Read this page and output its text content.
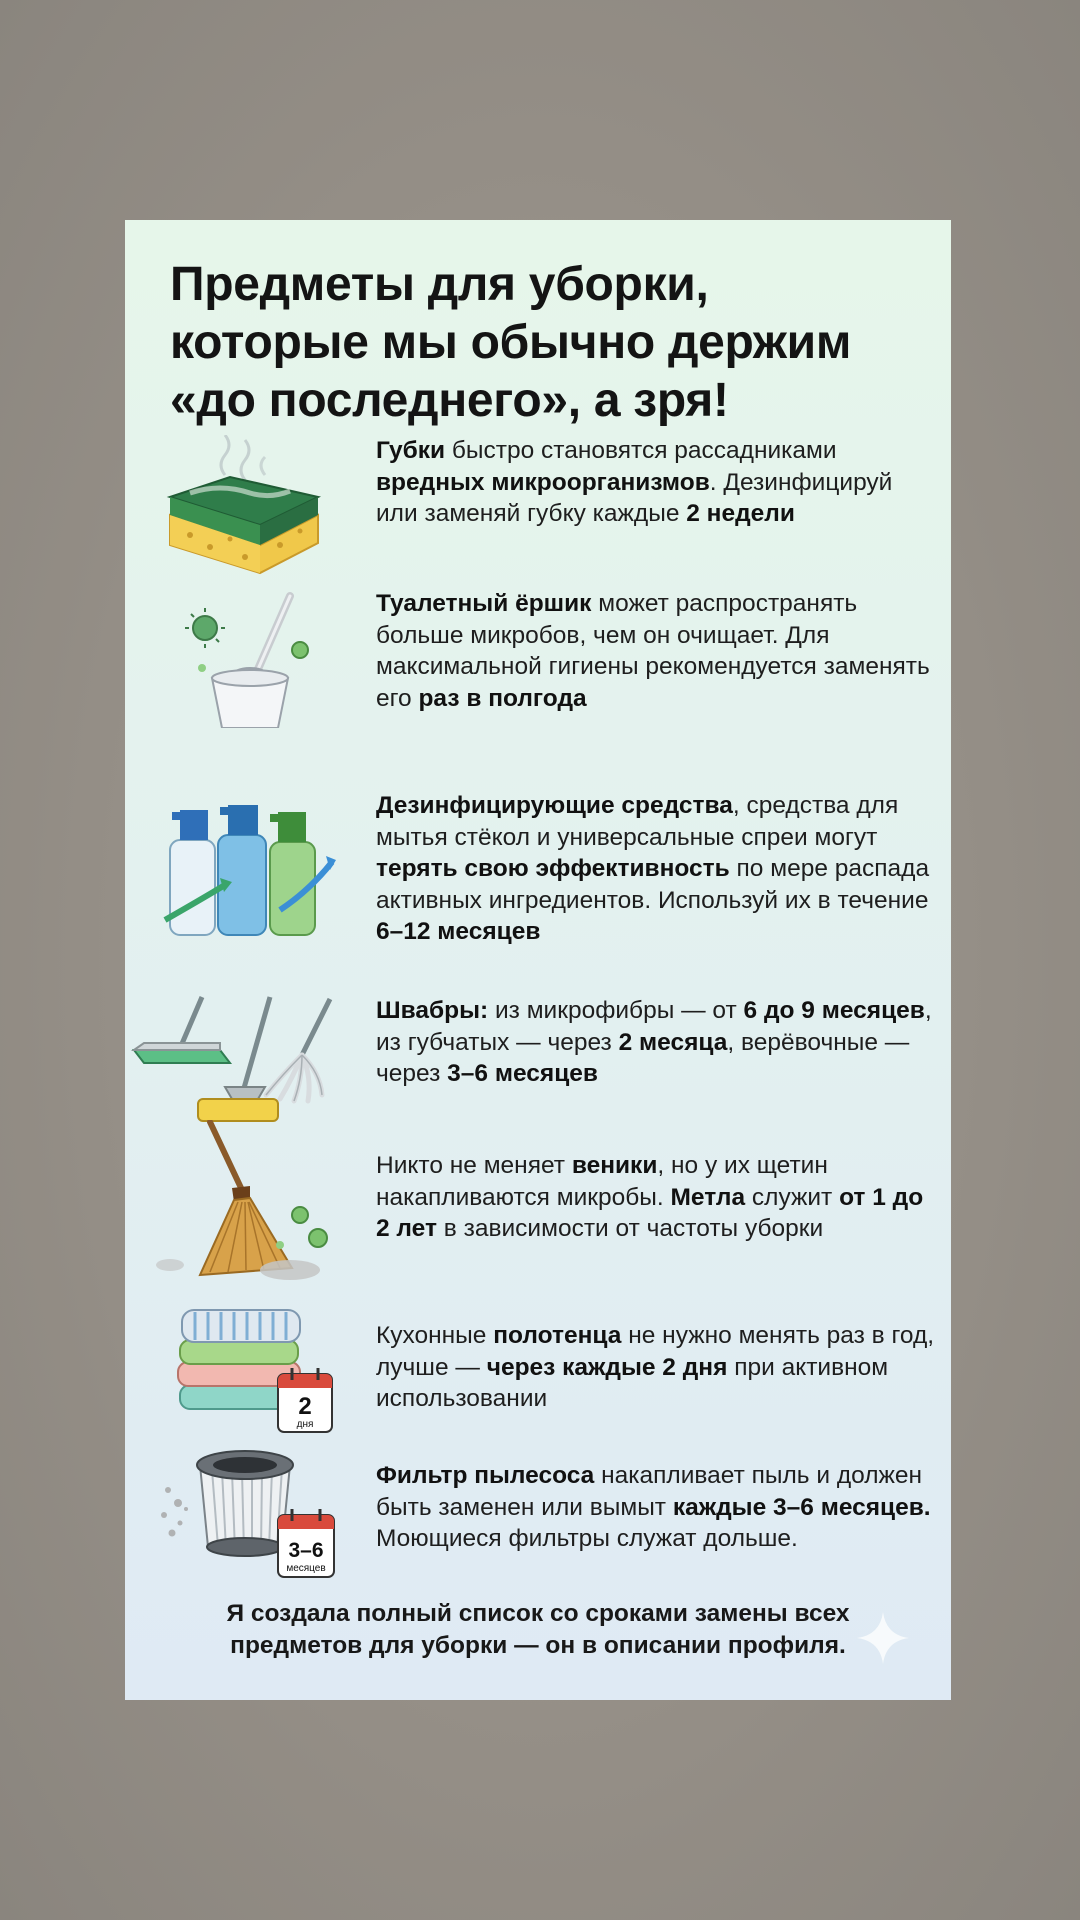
Предметы для уборки,
которые мы обычно держим
«до последнего», а зря!
Губки быстро становятся рассадниками вредных микроорганизмов. Дезинфицируй или заменяй губку каждые 2 недели
Туалетный ёршик может распространять больше микробов, чем он очищает. Для максимальной гигиены рекомендуется заменять его раз в полгода
Дезинфицирующие средства, средства для мытья стёкол и универсальные спреи могут терять свою эффективность по мере распада активных ингредиентов. Используй их в течение 6–12 месяцев
Швабры: из микрофибры — от 6 до 9 месяцев, из губчатых — через 2 месяца, верёвочные — через 3–6 месяцев
Никто не меняет веники, но у их щетин накапливаются микробы. Метла служит от 1 до 2 лет в зависимости от частоты уборки
2
дня
Кухонные полотенца не нужно менять раз в год, лучше — через каждые 2 дня при активном использовании
3–6
месяцев
Фильтр пылесоса накапливает пыль и должен быть заменен или вымыт каждые 3–6 месяцев. Моющиеся фильтры служат дольше.
Я создала полный список со сроками замены всех
предметов для уборки — он в описании профиля.
